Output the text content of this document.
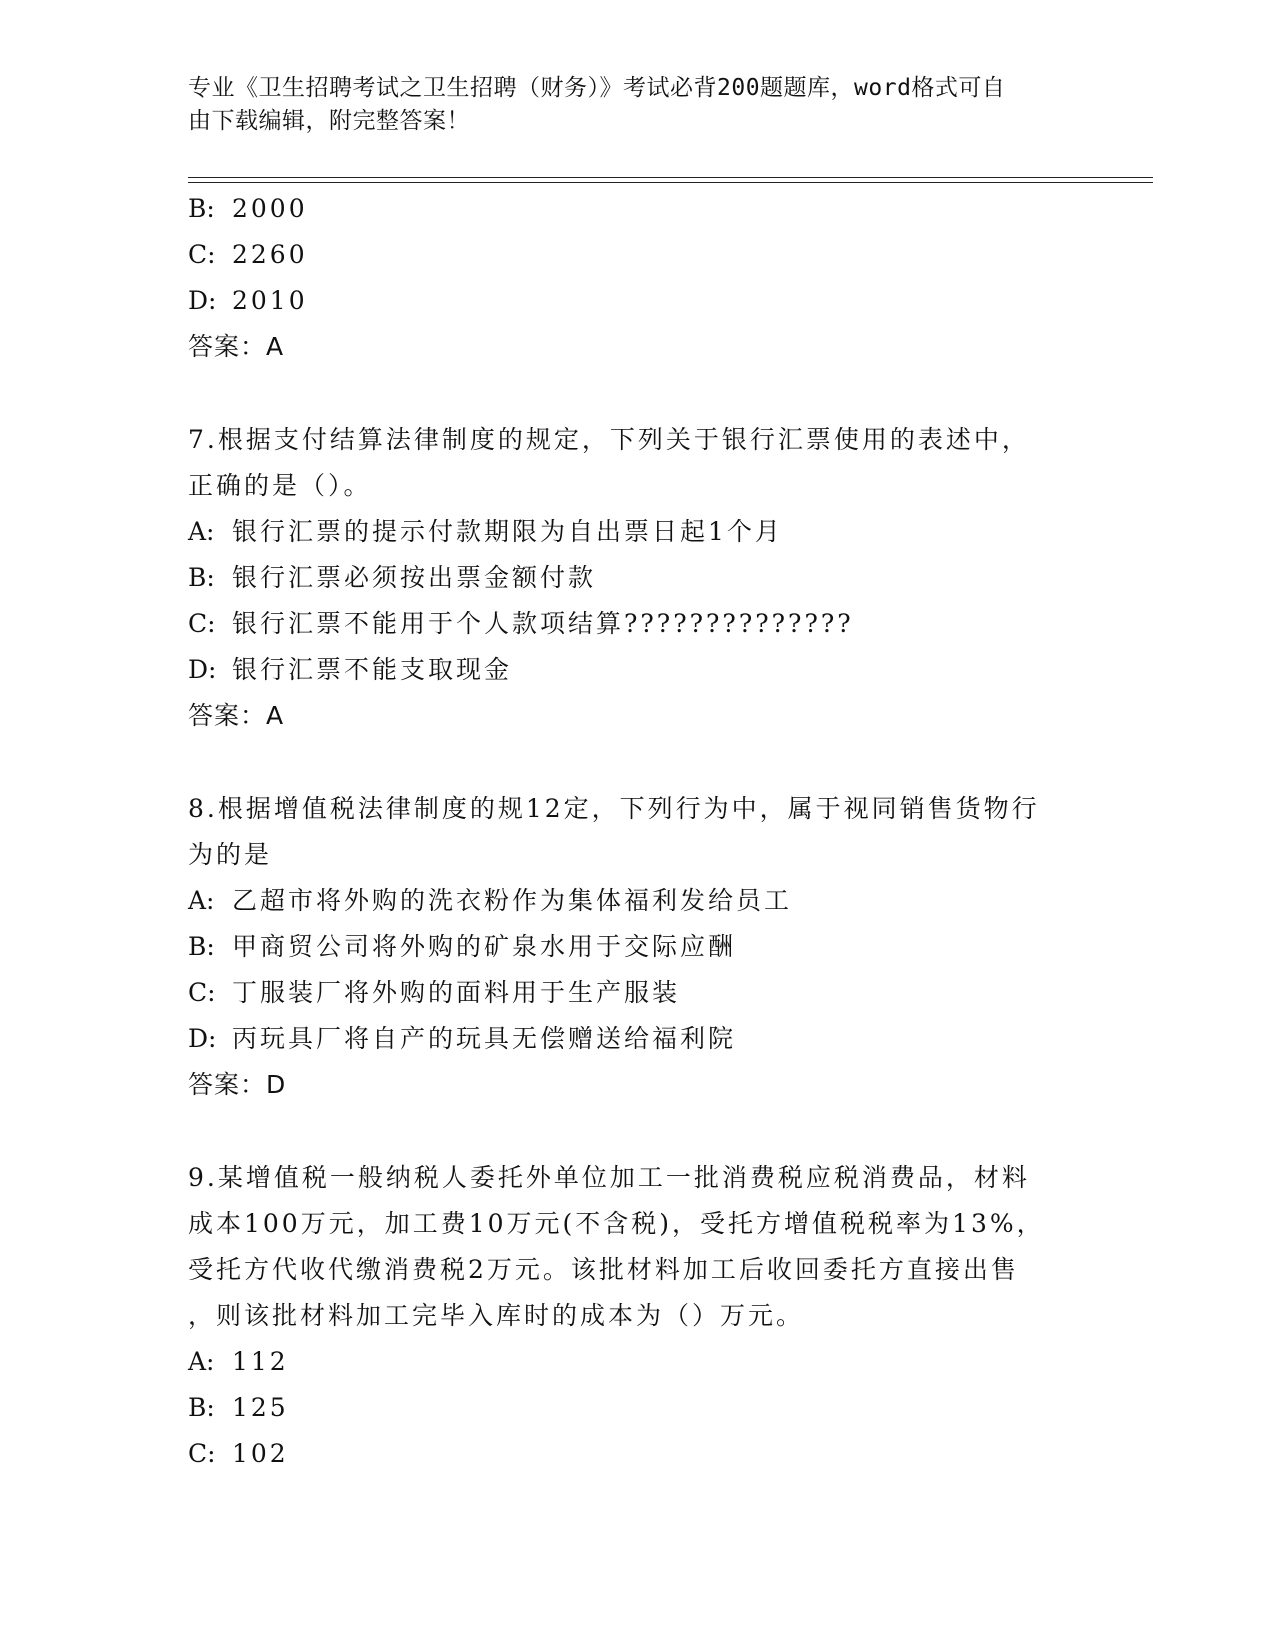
专业《卫生招聘考试之卫生招聘（财务）》考试必背200题题库，word格式可自
由下载编辑，附完整答案！
B: 2000
C: 2260
D: 2010
答案：A
7.根据支付结算法律制度的规定，下列关于银行汇票使用的表述中，
正确的是（）。
A: 银行汇票的提示付款期限为自出票日起1个月
B: 银行汇票必须按出票金额付款
C: 银行汇票不能用于个人款项结算??????????????
D: 银行汇票不能支取现金
答案：A
8.根据增值税法律制度的规12定，下列行为中，属于视同销售货物行
为的是
A: 乙超市将外购的洗衣粉作为集体福利发给员工
B: 甲商贸公司将外购的矿泉水用于交际应酬
C: 丁服装厂将外购的面料用于生产服装
D: 丙玩具厂将自产的玩具无偿赠送给福利院
答案：D
9.某增值税一般纳税人委托外单位加工一批消费税应税消费品，材料
成本100万元，加工费10万元(不含税)，受托方增值税税率为13%，
受托方代收代缴消费税2万元。该批材料加工后收回委托方直接出售
，则该批材料加工完毕入库时的成本为（）万元。
A: 112
B: 125
C: 102
